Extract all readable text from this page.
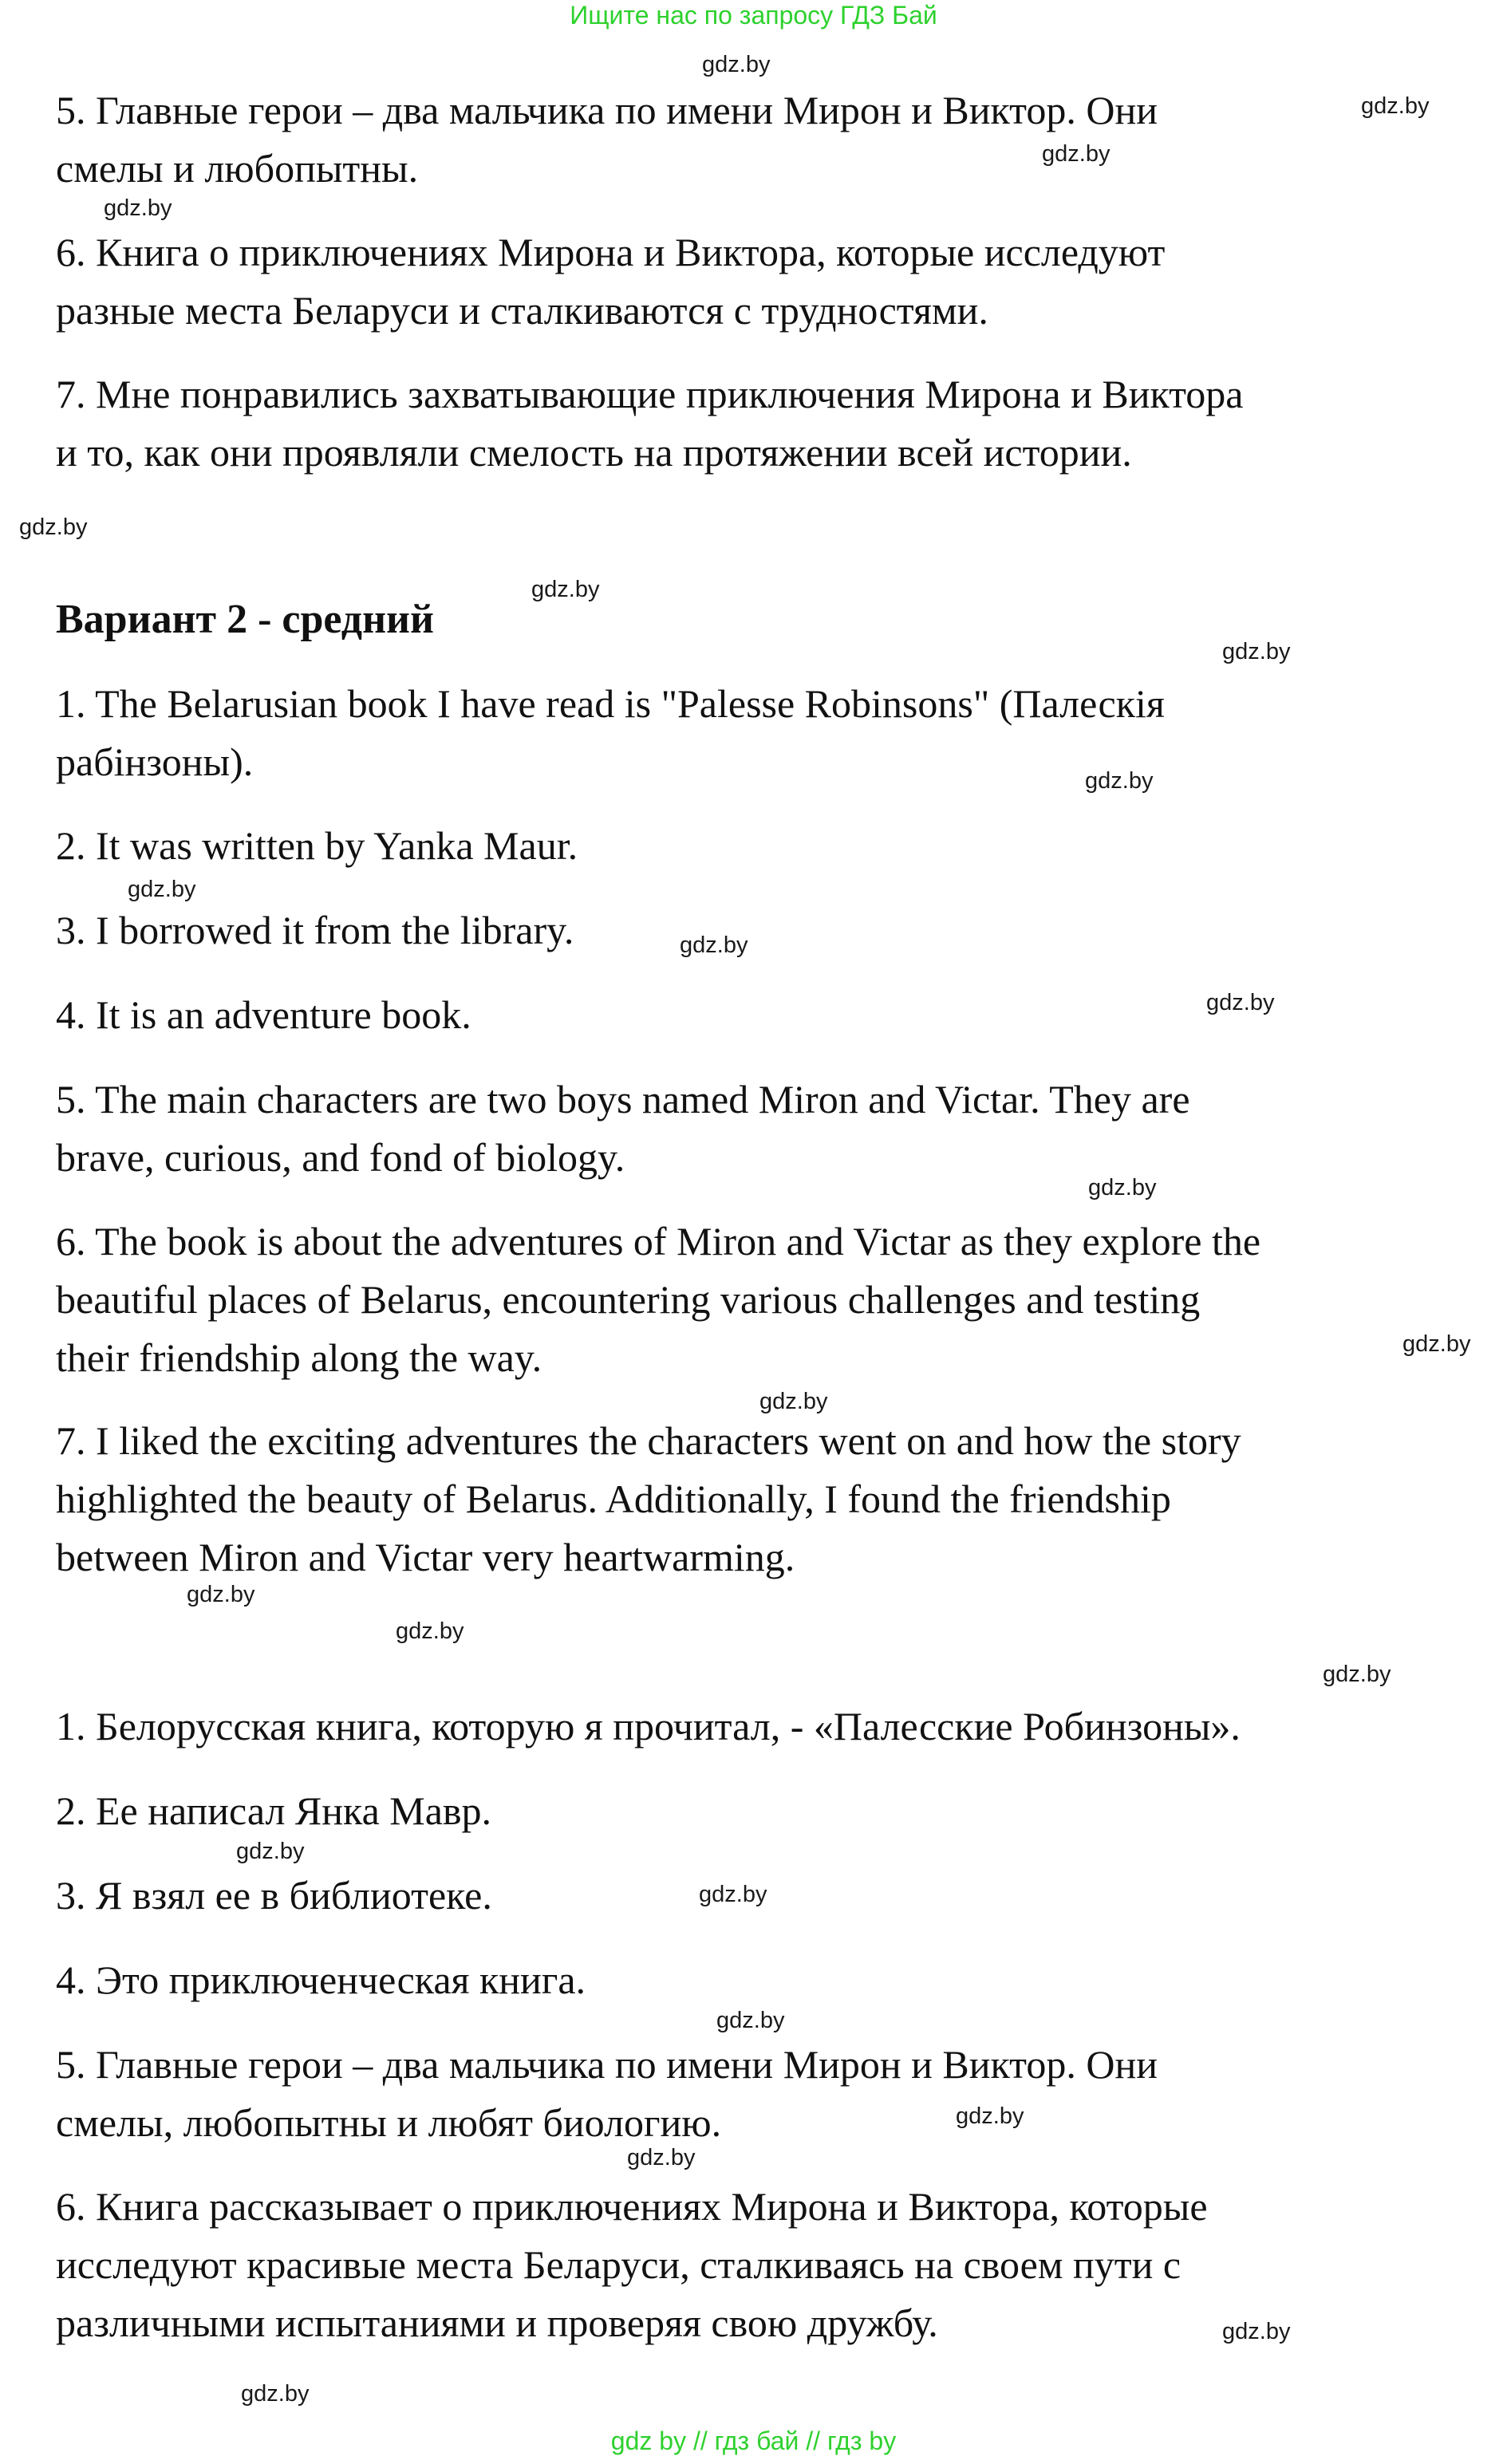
Ищите нас по запросу ГДЗ Бай

5. Главные герои – два мальчика по имени Мирон и Виктор. Они
смелы и любопытны.

6. Книга о приключениях Мирона и Виктора, которые исследуют
разные места Беларуси и сталкиваются с трудностями.

7. Мне понравились захватывающие приключения Мирона и Виктора
и то, как они проявляли смелость на протяжении всей истории.

Вариант 2 - средний

1. The Belarusian book I have read is "Palesse Robinsons" (Палескія
рабінзоны).

2. It was written by Yanka Maur.

3. I borrowed it from the library.

4. It is an adventure book.

5. The main characters are two boys named Miron and Victar. They are
brave, curious, and fond of biology.

6. The book is about the adventures of Miron and Victar as they explore the
beautiful places of Belarus, encountering various challenges and testing
their friendship along the way.

7. I liked the exciting adventures the characters went on and how the story
highlighted the beauty of Belarus. Additionally, I found the friendship
between Miron and Victar very heartwarming.

1. Белорусская книга, которую я прочитал, - «Палесские Робинзоны».

2. Ее написал Янка Мавр.

3. Я взял ее в библиотеке.

4. Это приключенческая книга.

5. Главные герои – два мальчика по имени Мирон и Виктор. Они
смелы, любопытны и любят биологию.

6. Книга рассказывает о приключениях Мирона и Виктора, которые
исследуют красивые места Беларуси, сталкиваясь на своем пути с
различными испытаниями и проверяя свою дружбу.

gdz.by
gdz.by
gdz.by
gdz.by
gdz.by
gdz.by
gdz.by
gdz.by
gdz.by
gdz.by
gdz.by
gdz.by
gdz.by
gdz.by
gdz.by
gdz.by
gdz.by
gdz.by
gdz.by
gdz.by
gdz.by
gdz.by
gdz.by
gdz.by
gdz by // гдз бай // гдз by
